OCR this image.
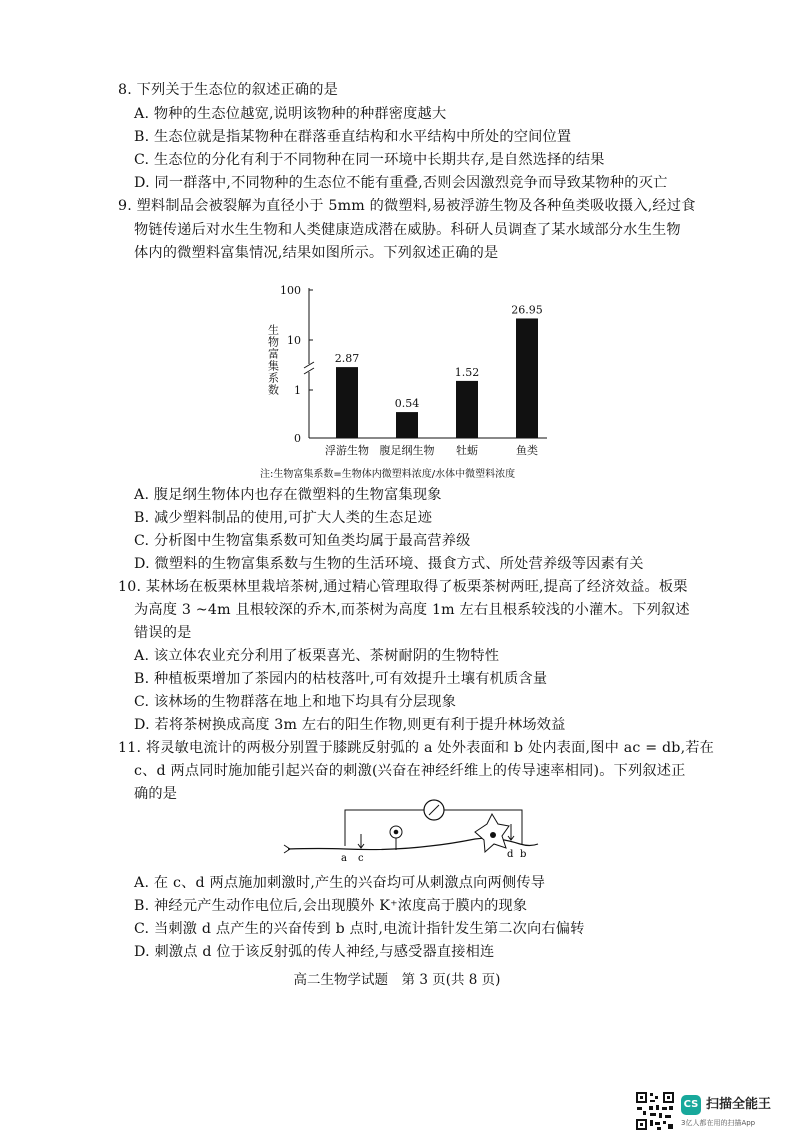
8. 下列关于生态位的叙述正确的是
A. 物种的生态位越宽,说明该物种的种群密度越大
B. 生态位就是指某物种在群落垂直结构和水平结构中所处的空间位置
C. 生态位的分化有利于不同物种在同一环境中长期共存,是自然选择的结果
D. 同一群落中,不同物种的生态位不能有重叠,否则会因激烈竞争而导致某物种的灭亡
9. 塑料制品会被裂解为直径小于 5mm 的微塑料,易被浮游生物及各种鱼类吸收摄入,经过食
物链传递后对水生生物和人类健康造成潜在威胁。科研人员调查了某水域部分水生生物
体内的微塑料富集情况,结果如图所示。下列叙述正确的是
0
1
10
100
生物富集系数	2.87
浮游生物
0.54
腹足纲生物
1.52
牡蛎
26.95
鱼类
注:生物富集系数=生物体内微塑料浓度/水体中微塑料浓度
A. 腹足纲生物体内也存在微塑料的生物富集现象
B. 减少塑料制品的使用,可扩大人类的生态足迹
C. 分析图中生物富集系数可知鱼类均属于最高营养级
D. 微塑料的生物富集系数与生物的生活环境、摄食方式、所处营养级等因素有关
10. 某林场在板栗林里栽培茶树,通过精心管理取得了板栗茶树两旺,提高了经济效益。板栗
为高度 3 ~4m 且根较深的乔木,而茶树为高度 1m 左右且根系较浅的小灌木。下列叙述
错误的是
A. 该立体农业充分利用了板栗喜光、茶树耐阴的生物特性
B. 种植板栗增加了茶园内的枯枝落叶,可有效提升土壤有机质含量
C. 该林场的生物群落在地上和地下均具有分层现象
D. 若将茶树换成高度 3m 左右的阳生作物,则更有利于提升林场效益
11. 将灵敏电流计的两极分别置于膝跳反射弧的 a 处外表面和 b 处内表面,图中 ac = db,若在
c、d 两点同时施加能引起兴奋的刺激(兴奋在神经纤维上的传导速率相同)。下列叙述正
确的是
a c	d b
A. 在 c、d 两点施加刺激时,产生的兴奋均可从刺激点向两侧传导
B. 神经元产生动作电位后,会出现膜外 K⁺浓度高于膜内的现象
C. 当刺激 d 点产生的兴奋传到 b 点时,电流计指针发生第二次向右偏转
D. 刺激点 d 位于该反射弧的传人神经,与感受器直接相连
高二生物学试题　第 3 页(共 8 页)
CS 扫描全能王
3亿人都在用的扫描App
